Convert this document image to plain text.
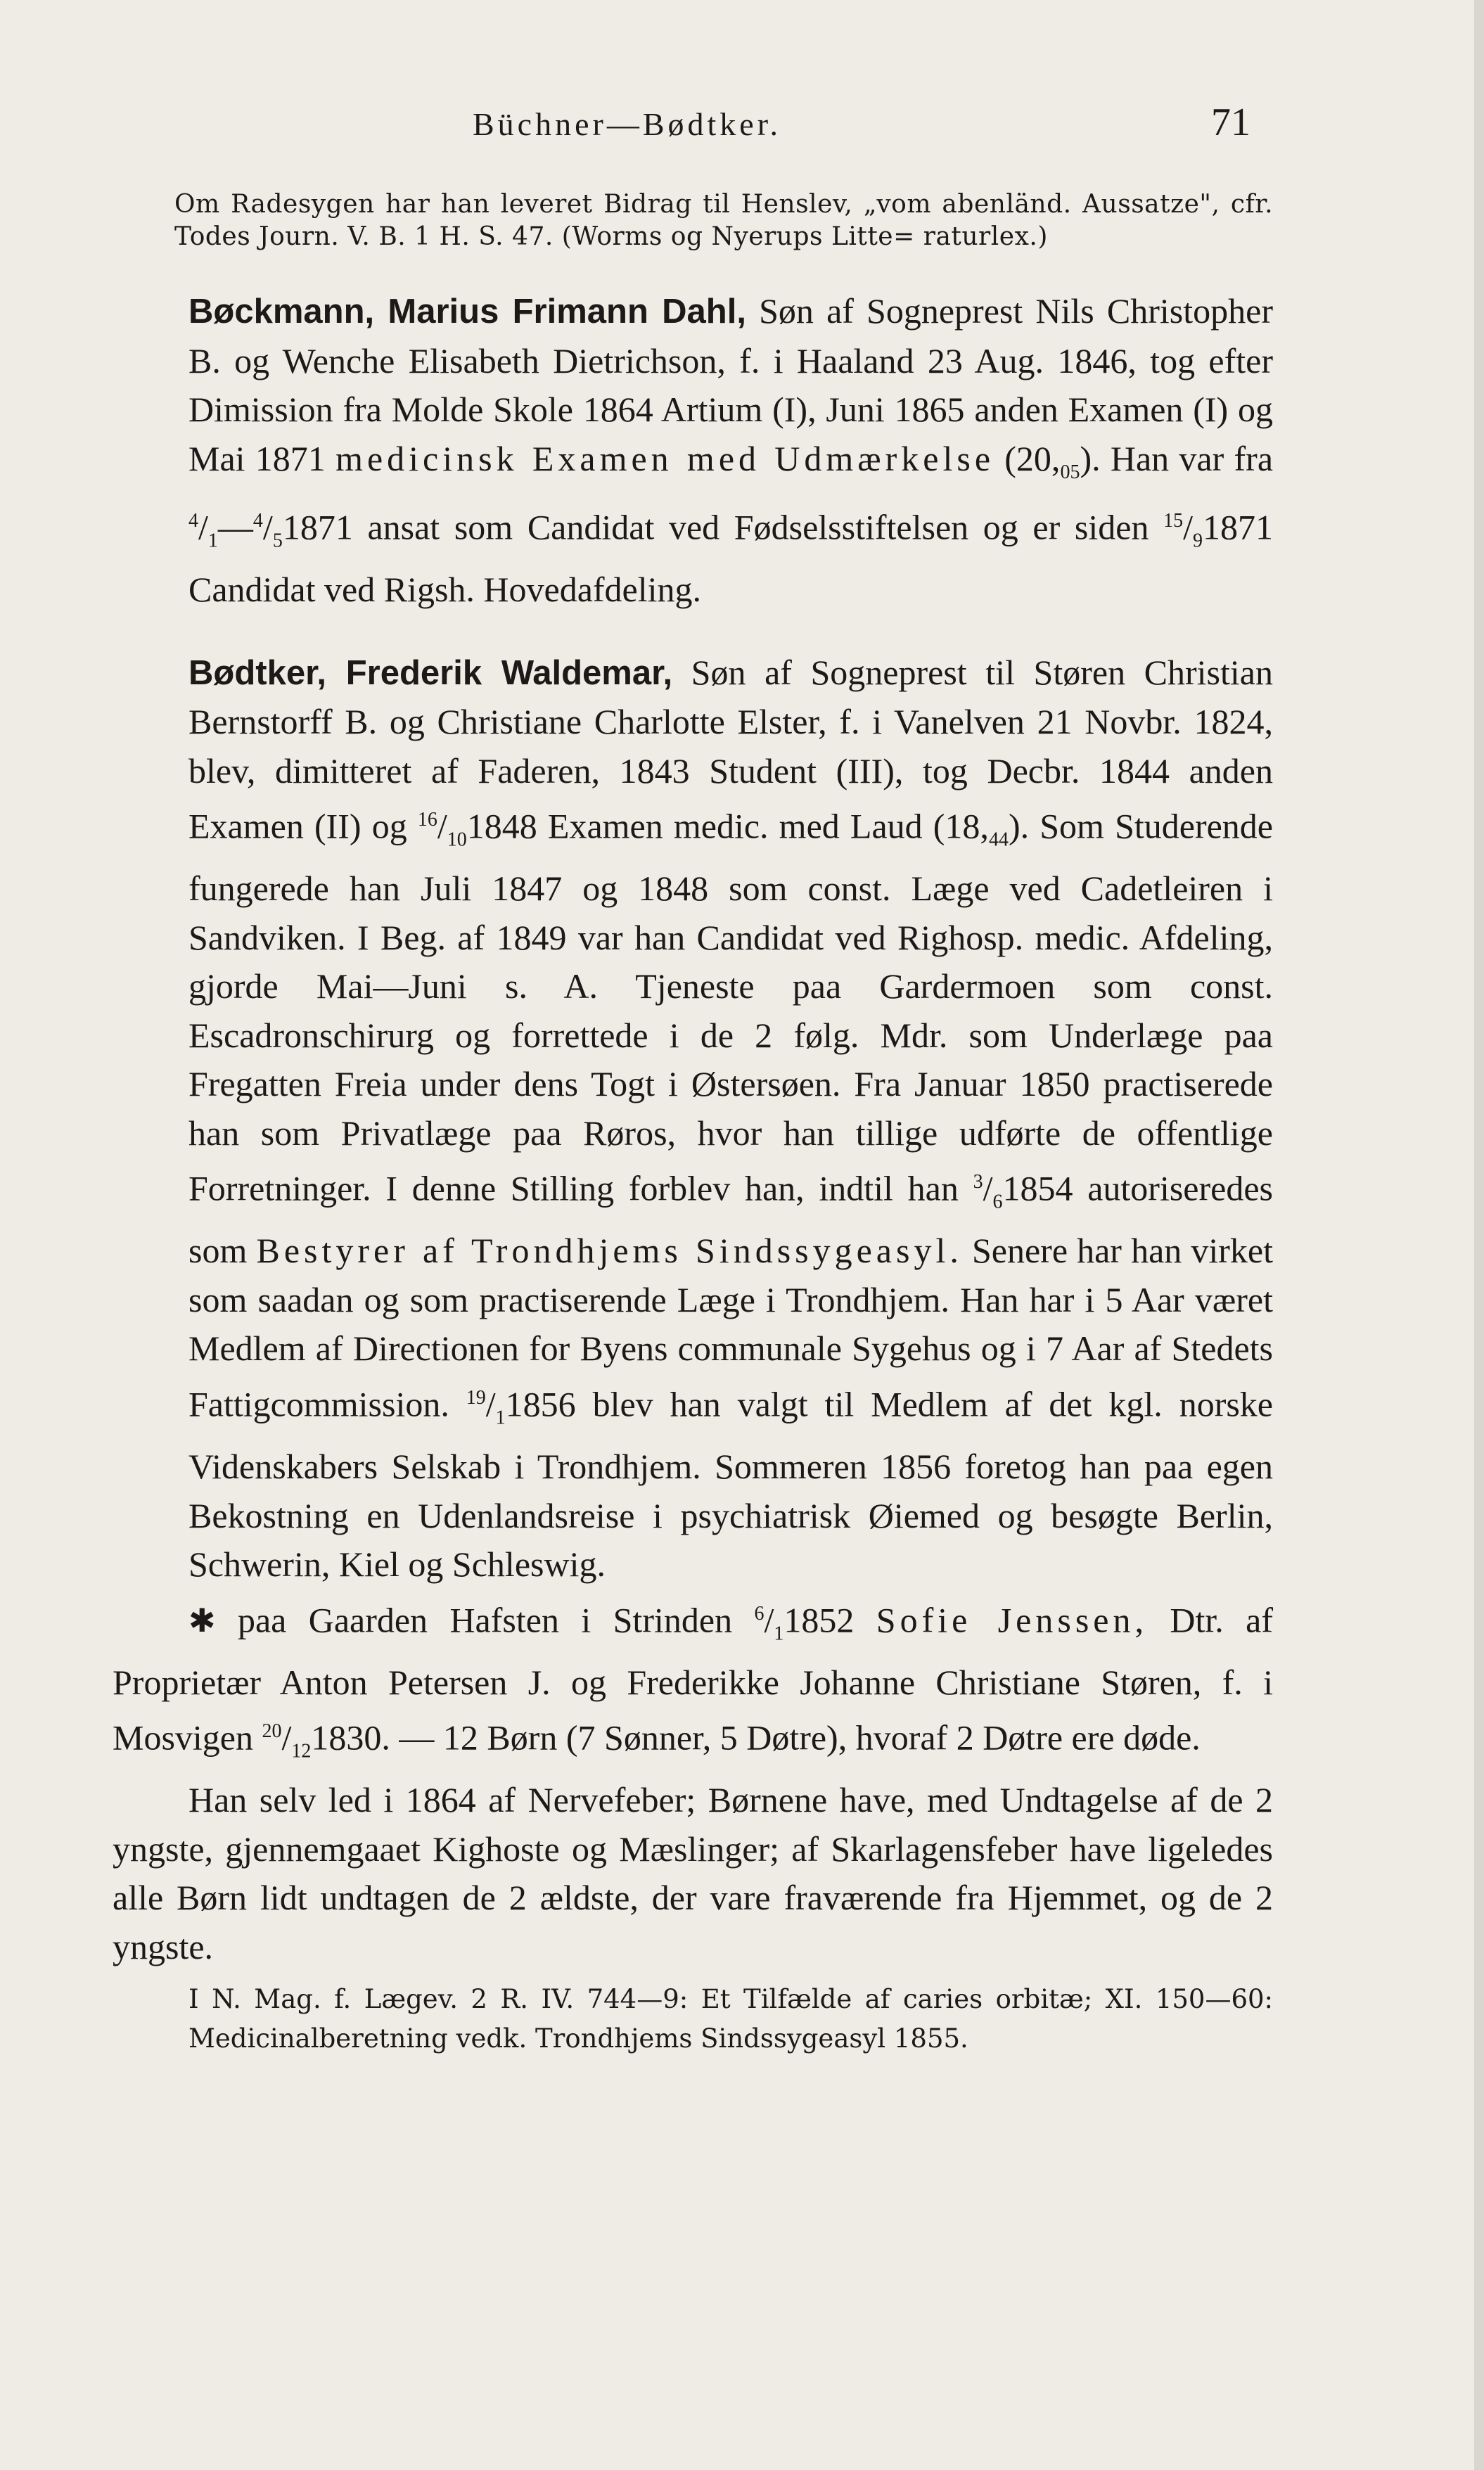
Büchner—Bødtker.	71

Om Radesygen har han leveret Bidrag til Henslev, „vom abenländ. Aussatze", cfr. Todes Journ. V. B. 1 H. S. 47. (Worms og Nyerups Litte= raturlex.)

Bøckmann, Marius Frimann Dahl, Søn af Sogneprest Nils Christopher B. og Wenche Elisabeth Dietrichson, f. i Haaland 23 Aug. 1846, tog efter Dimission fra Molde Skole 1864 Artium (I), Juni 1865 anden Examen (I) og Mai 1871 medicinsk Examen med Udmærkelse $(20,_{05})$. Han var fra $^4/_1—^4/_51871$ ansat som Candidat ved Fødselsstiftelsen og er siden $^{15}/_91871$ Candidat ved Rigsh. Hovedafdeling.

Bødtker, Frederik Waldemar, Søn af Sogneprest til Støren Christian Bernstorff B. og Christiane Charlotte Elster, f. i Vanelven 21 Novbr. 1824, blev, dimitteret af Faderen, 1843 Student (III), tog Decbr. 1844 anden Examen (II) og $^{16}/_{10}1848$ Examen medic. med Laud $(18,_{44})$. Som Studerende fungerede han Juli 1847 og 1848 som const. Læge ved Cadetleiren i Sandviken. I Beg. af 1849 var han Candidat ved Righosp. medic. Afdeling, gjorde Mai—Juni s. A. Tjeneste paa Gardermoen som const. Escadronschirurg og forrettede i de 2 følg. Mdr. som Underlæge paa Fregatten Freia under dens Togt i Østersøen. Fra Januar 1850 practiserede han som Privatlæge paa Røros, hvor han tillige udførte de offentlige Forretninger. I denne Stilling forblev han, indtil han $^3/_61854$ autoriseredes som Bestyrer af Trondhjems Sindssygeasyl. Senere har han virket som saadan og som practiserende Læge i Trondhjem. Han har i 5 Aar været Medlem af Directionen for Byens communale Sygehus og i 7 Aar af Stedets Fattigcommission. $^{19}/_11856$ blev han valgt til Medlem af det kgl. norske Videnskabers Selskab i Trondhjem. Sommeren 1856 foretog han paa egen Bekostning en Udenlandsreise i psychiatrisk Øiemed og besøgte Berlin, Schwerin, Kiel og Schleswig.

✱ paa Gaarden Hafsten i Strinden $^6/_11852$ Sofie Jenssen, Dtr. af Proprietær Anton Petersen J. og Frederikke Johanne Christiane Støren, f. i Mosvigen $^{20}/_{12}1830$. — 12 Børn (7 Sønner, 5 Døtre), hvoraf 2 Døtre ere døde.

Han selv led i 1864 af Nervefeber; Børnene have, med Undtagelse af de 2 yngste, gjennemgaaet Kighoste og Mæslinger; af Skarlagensfeber have ligeledes alle Børn lidt undtagen de 2 ældste, der vare fraværende fra Hjemmet, og de 2 yngste.

I N. Mag. f. Lægev. 2 R. IV. 744—9: Et Tilfælde af caries orbitæ; XI. 150—60: Medicinalberetning vedk. Trondhjems Sindssygeasyl 1855.
